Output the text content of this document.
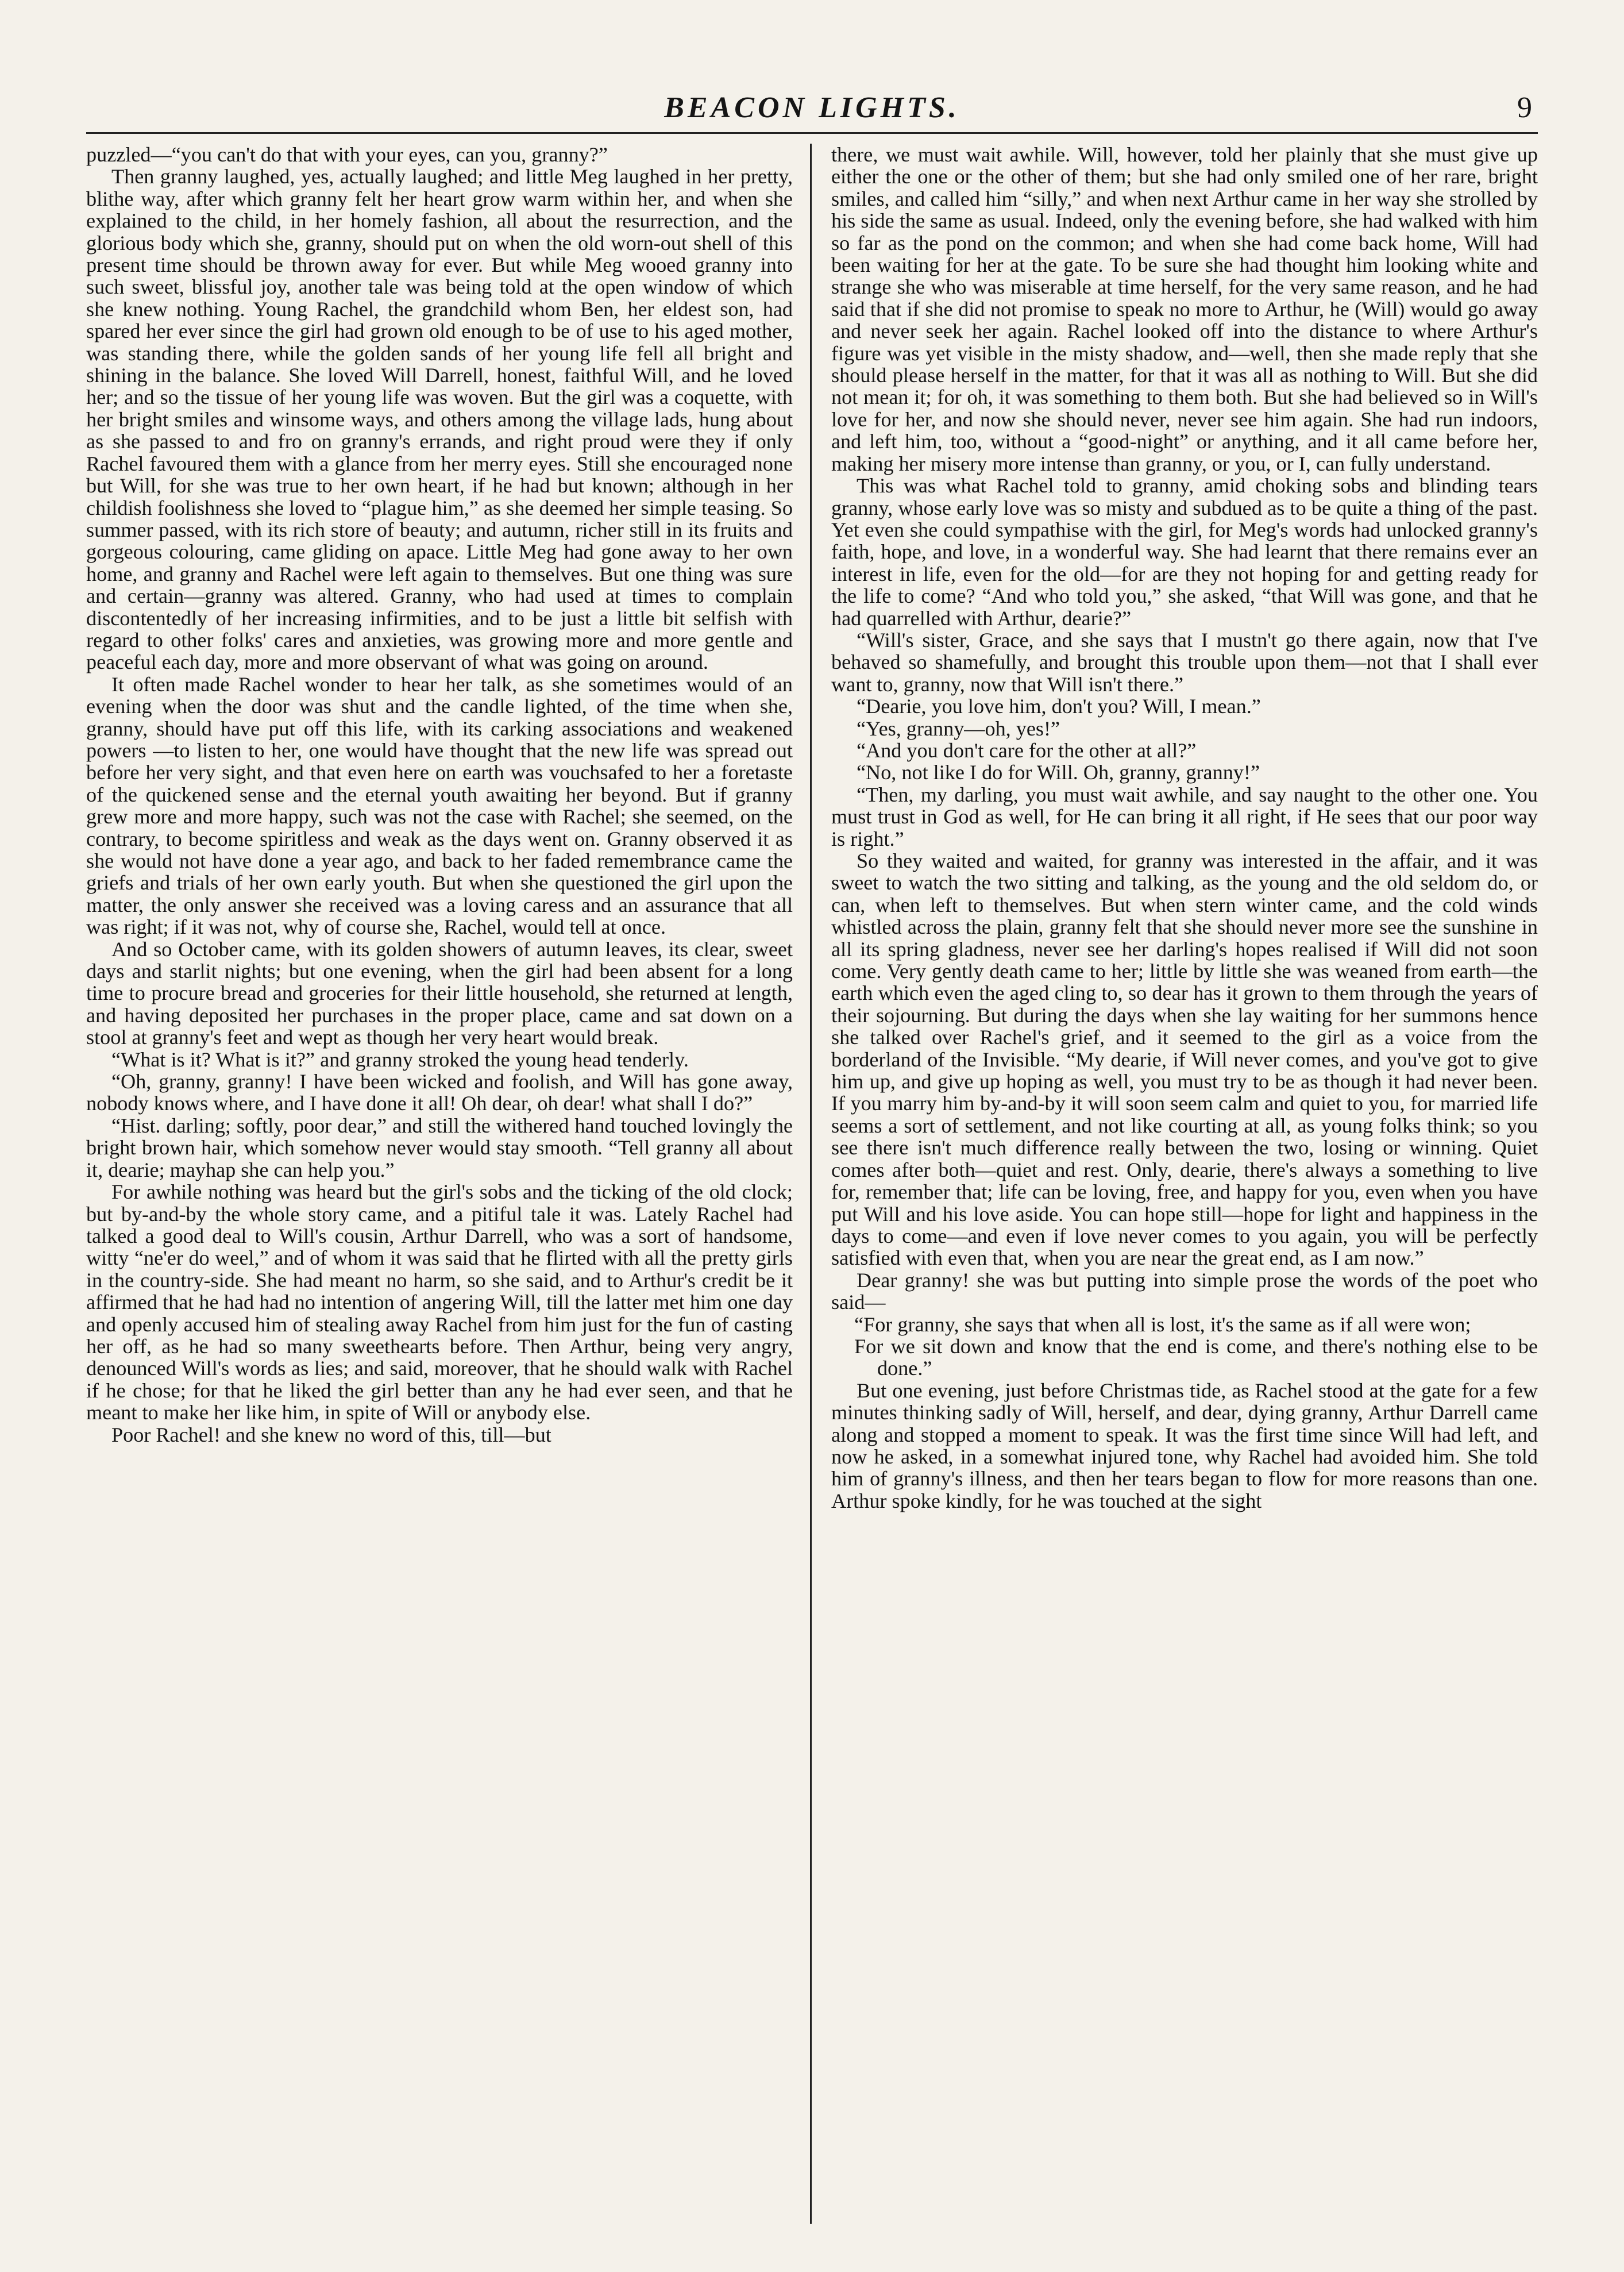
BEACON LIGHTS.	9

puzzled—“you can't do that with your eyes, can you, granny?”

Then granny laughed, yes, actually laughed; and little Meg laughed in her pretty, blithe way, after which granny felt her heart grow warm within her, and when she explained to the child, in her homely fashion, all about the resurrection, and the glorious body which she, granny, should put on when the old worn-out shell of this present time should be thrown away for ever. But while Meg wooed granny into such sweet, blissful joy, another tale was being told at the open window of which she knew nothing. Young Rachel, the grandchild whom Ben, her eldest son, had spared her ever since the girl had grown old enough to be of use to his aged mother, was standing there, while the golden sands of her young life fell all bright and shining in the balance. She loved Will Darrell, honest, faithful Will, and he loved her; and so the tissue of her young life was woven. But the girl was a coquette, with her bright smiles and winsome ways, and others among the village lads, hung about as she passed to and fro on granny's errands, and right proud were they if only Rachel favoured them with a glance from her merry eyes. Still she encouraged none but Will, for she was true to her own heart, if he had but known; although in her childish foolishness she loved to “plague him,” as she deemed her simple teasing. So summer passed, with its rich store of beauty; and autumn, richer still in its fruits and gorgeous colouring, came gliding on apace. Little Meg had gone away to her own home, and granny and Rachel were left again to themselves. But one thing was sure and certain—granny was altered. Granny, who had used at times to complain discontentedly of her increasing infirmities, and to be just a little bit selfish with regard to other folks' cares and anxieties, was growing more and more gentle and peaceful each day, more and more observant of what was going on around.

It often made Rachel wonder to hear her talk, as she sometimes would of an evening when the door was shut and the candle lighted, of the time when she, granny, should have put off this life, with its carking associations and weakened powers —to listen to her, one would have thought that the new life was spread out before her very sight, and that even here on earth was vouchsafed to her a foretaste of the quickened sense and the eternal youth awaiting her beyond. But if granny grew more and more happy, such was not the case with Rachel; she seemed, on the contrary, to become spiritless and weak as the days went on. Granny observed it as she would not have done a year ago, and back to her faded remembrance came the griefs and trials of her own early youth. But when she questioned the girl upon the matter, the only answer she received was a loving caress and an assurance that all was right; if it was not, why of course she, Rachel, would tell at once.

And so October came, with its golden showers of autumn leaves, its clear, sweet days and starlit nights; but one evening, when the girl had been absent for a long time to procure bread and groceries for their little household, she returned at length, and having deposited her purchases in the proper place, came and sat down on a stool at granny's feet and wept as though her very heart would break.

“What is it? What is it?” and granny stroked the young head tenderly.

“Oh, granny, granny! I have been wicked and foolish, and Will has gone away, nobody knows where, and I have done it all! Oh dear, oh dear! what shall I do?”

“Hist. darling; softly, poor dear,” and still the withered hand touched lovingly the bright brown hair, which somehow never would stay smooth. “Tell granny all about it, dearie; mayhap she can help you.”

For awhile nothing was heard but the girl's sobs and the ticking of the old clock; but by-and-by the whole story came, and a pitiful tale it was. Lately Rachel had talked a good deal to Will's cousin, Arthur Darrell, who was a sort of handsome, witty “ne'er do weel,” and of whom it was said that he flirted with all the pretty girls in the country-side. She had meant no harm, so she said, and to Arthur's credit be it affirmed that he had had no intention of angering Will, till the latter met him one day and openly accused him of stealing away Rachel from him just for the fun of casting her off, as he had so many sweethearts before. Then Arthur, being very angry, denounced Will's words as lies; and said, moreover, that he should walk with Rachel if he chose; for that he liked the girl better than any he had ever seen, and that he meant to make her like him, in spite of Will or anybody else.

Poor Rachel! and she knew no word of this, till—but

there, we must wait awhile. Will, however, told her plainly that she must give up either the one or the other of them; but she had only smiled one of her rare, bright smiles, and called him “silly,” and when next Arthur came in her way she strolled by his side the same as usual. Indeed, only the evening before, she had walked with him so far as the pond on the common; and when she had come back home, Will had been waiting for her at the gate. To be sure she had thought him looking white and strange she who was miserable at time herself, for the very same reason, and he had said that if she did not promise to speak no more to Arthur, he (Will) would go away and never seek her again. Rachel looked off into the distance to where Arthur's figure was yet visible in the misty shadow, and—well, then she made reply that she should please herself in the matter, for that it was all as nothing to Will. But she did not mean it; for oh, it was something to them both. But she had believed so in Will's love for her, and now she should never, never see him again. She had run indoors, and left him, too, without a “good-night” or anything, and it all came before her, making her misery more intense than granny, or you, or I, can fully understand.

This was what Rachel told to granny, amid choking sobs and blinding tears granny, whose early love was so misty and subdued as to be quite a thing of the past. Yet even she could sympathise with the girl, for Meg's words had unlocked granny's faith, hope, and love, in a wonderful way. She had learnt that there remains ever an interest in life, even for the old—for are they not hoping for and getting ready for the life to come? “And who told you,” she asked, “that Will was gone, and that he had quarrelled with Arthur, dearie?”

“Will's sister, Grace, and she says that I mustn't go there again, now that I've behaved so shamefully, and brought this trouble upon them—not that I shall ever want to, granny, now that Will isn't there.”

“Dearie, you love him, don't you? Will, I mean.”

“Yes, granny—oh, yes!”

“And you don't care for the other at all?”

“No, not like I do for Will. Oh, granny, granny!”

“Then, my darling, you must wait awhile, and say naught to the other one. You must trust in God as well, for He can bring it all right, if He sees that our poor way is right.”

So they waited and waited, for granny was interested in the affair, and it was sweet to watch the two sitting and talking, as the young and the old seldom do, or can, when left to themselves. But when stern winter came, and the cold winds whistled across the plain, granny felt that she should never more see the sunshine in all its spring gladness, never see her darling's hopes realised if Will did not soon come. Very gently death came to her; little by little she was weaned from earth—the earth which even the aged cling to, so dear has it grown to them through the years of their sojourning. But during the days when she lay waiting for her summons hence she talked over Rachel's grief, and it seemed to the girl as a voice from the borderland of the Invisible. “My dearie, if Will never comes, and you've got to give him up, and give up hoping as well, you must try to be as though it had never been. If you marry him by-and-by it will soon seem calm and quiet to you, for married life seems a sort of settlement, and not like courting at all, as young folks think; so you see there isn't much difference really between the two, losing or winning. Quiet comes after both—quiet and rest. Only, dearie, there's always a something to live for, remember that; life can be loving, free, and happy for you, even when you have put Will and his love aside. You can hope still—hope for light and happiness in the days to come—and even if love never comes to you again, you will be perfectly satisfied with even that, when you are near the great end, as I am now.”

Dear granny! she was but putting into simple prose the words of the poet who said—

“For granny, she says that when all is lost, it's the same as if all were won;

For we sit down and know that the end is come, and there's nothing else to be done.”

But one evening, just before Christmas tide, as Rachel stood at the gate for a few minutes thinking sadly of Will, herself, and dear, dying granny, Arthur Darrell came along and stopped a moment to speak. It was the first time since Will had left, and now he asked, in a somewhat injured tone, why Rachel had avoided him. She told him of granny's illness, and then her tears began to flow for more reasons than one. Arthur spoke kindly, for he was touched at the sight
